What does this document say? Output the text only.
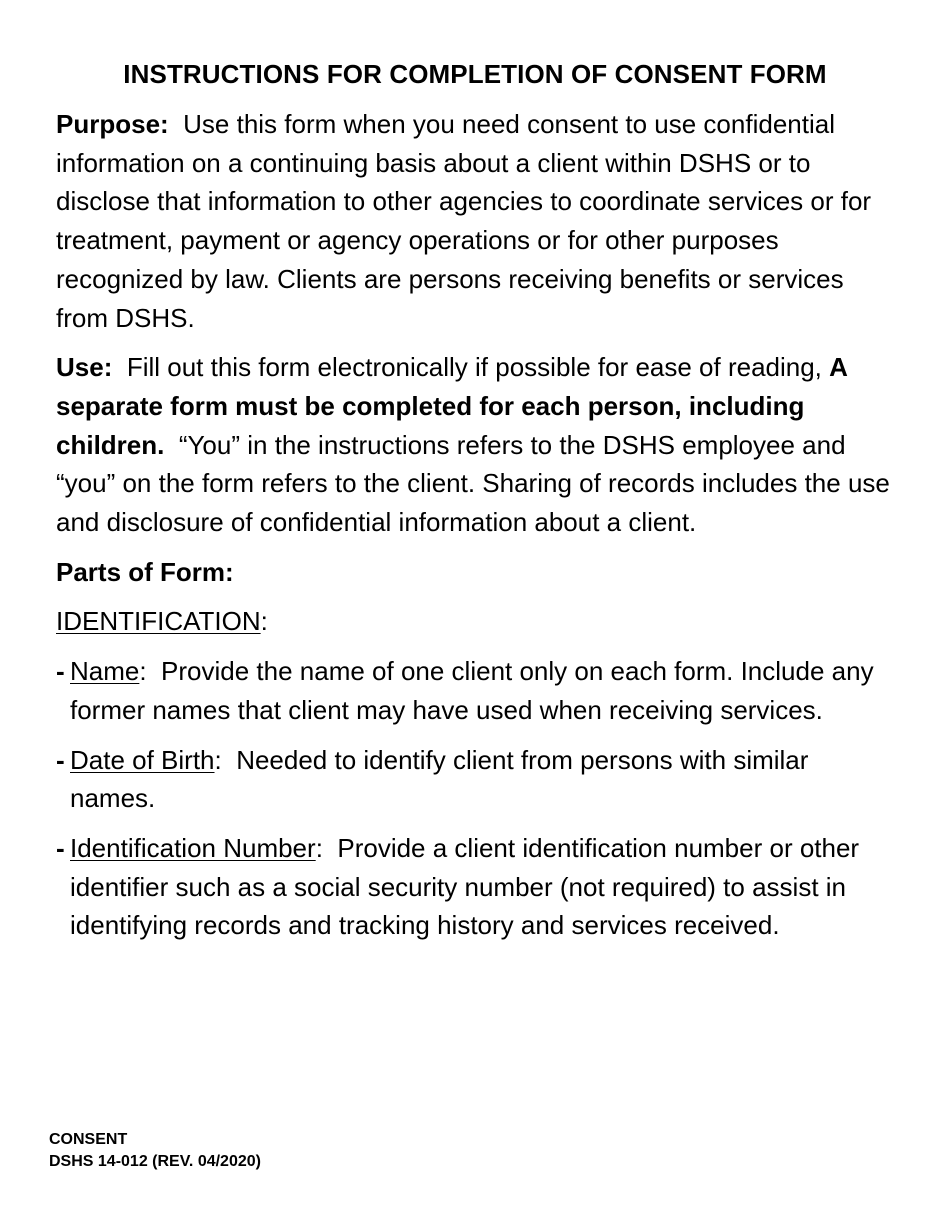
INSTRUCTIONS FOR COMPLETION OF CONSENT FORM

Purpose: Use this form when you need consent to use confidential information on a continuing basis about a client within DSHS or to disclose that information to other agencies to coordinate services or for treatment, payment or agency operations or for other purposes recognized by law. Clients are persons receiving benefits or services from DSHS.

Use: Fill out this form electronically if possible for ease of reading, A separate form must be completed for each person, including children. “You” in the instructions refers to the DSHS employee and “you” on the form refers to the client. Sharing of records includes the use and disclosure of confidential information about a client.

Parts of Form:

IDENTIFICATION:

- Name:  Provide the name of one client only on each form. Include any former names that client may have used when receiving services.
- Date of Birth:  Needed to identify client from persons with similar names.
- Identification Number:  Provide a client identification number or other identifier such as a social security number (not required) to assist in identifying records and tracking history and services received.
CONSENT
DSHS 14-012 (REV. 04/2020)
